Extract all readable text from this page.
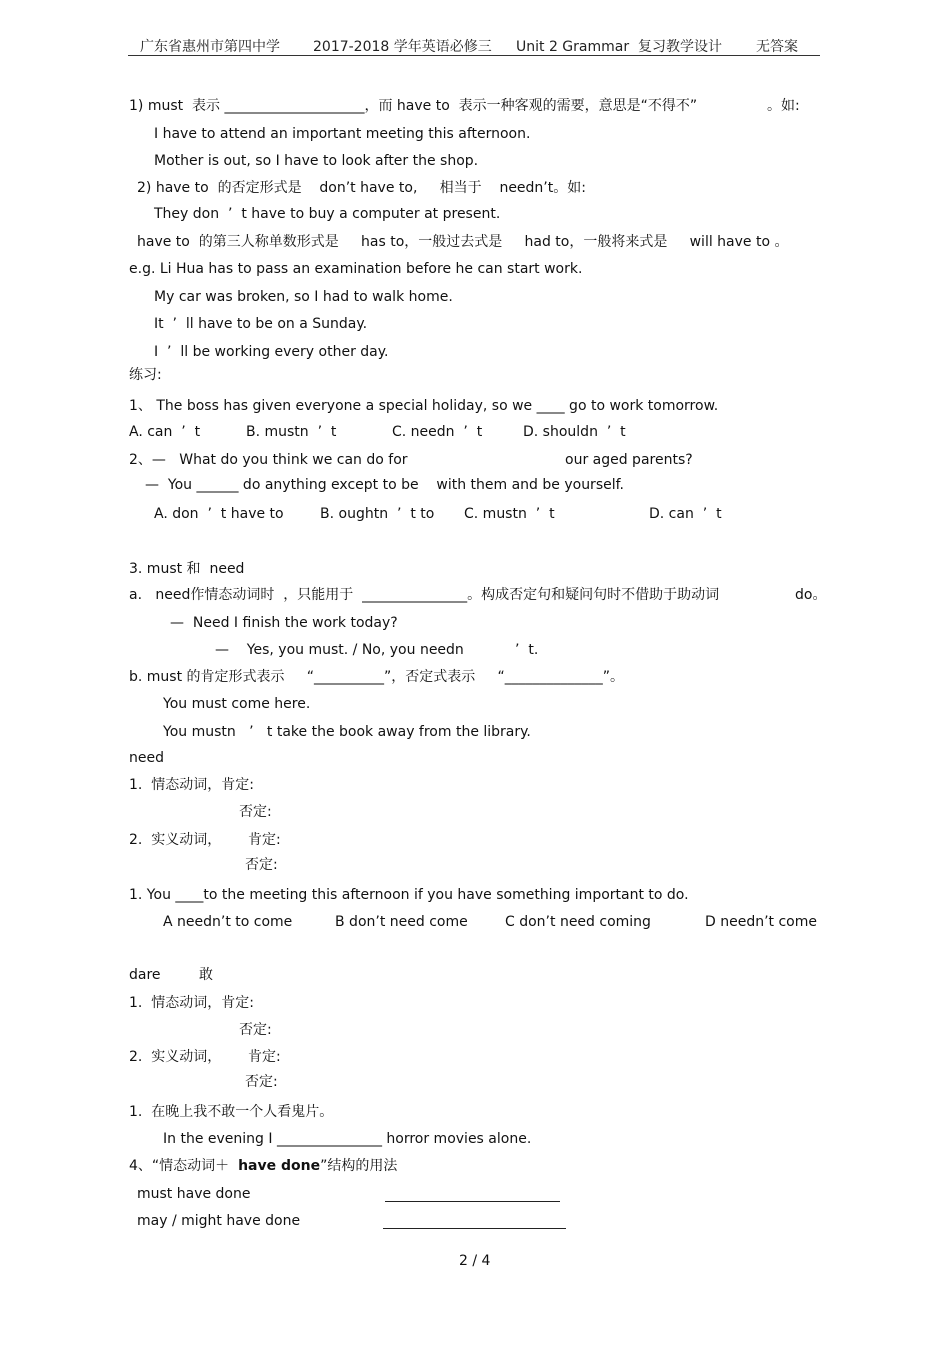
广东省惠州市第四中学 2017-2018 学年英语必修三 Unit 2 Grammar  复习教学设计 无答案
1) must  表示 ____________________，而 have to  表示一种客观的需要，意思是“不得不”	。如:
I have to attend an important meeting this afternoon.
Mother is out, so I have to look after the shop.
2) have to  的否定形式是    don’t have to,     相当于    needn’t。如:
They don  ’  t have to buy a computer at present.
have to  的第三人称单数形式是     has to，一般过去式是     had to，一般将来式是     will have to 。
e.g. Li Hua has to pass an examination before he can start work.
My car was broken, so I had to walk home.
It  ’  ll have to be on a Sunday.
I  ’  ll be working every other day.
练习:
1、 The boss has given everyone a special holiday, so we ____ go to work tomorrow.
A. can  ’  t	B. mustn  ’  t	C. needn  ’  t	D. shouldn  ’  t
2、—   What do you think we can do for	our aged parents?
—  You ______ do anything except to be    with them and be yourself.
A. don  ’  t have to	B. oughtn  ’  t to C. mustn  ’  t	D. can  ’  t
3. must 和  need
a.   need作情态动词时  ，只能用于  _______________。构成否定句和疑问句时不借助于助动词	do。
—  Need I finish the work today?
—    Yes, you must. / No, you needn	’  t.
b. must 的肯定形式表示     “__________”，否定式表示     “______________”。
You must come here.
You mustn   ’   t take the book away from the library.
need
1.  情态动词，肯定:
否定:
2.  实义动词，      肯定:
否定:
1. You ____to the meeting this afternoon if you have something important to do.
A needn’t to come	B don’t need come	C don’t need coming	D needn’t come
dare	敢
1.  情态动词，肯定:
否定:
2.  实义动词，      肯定:
否定:
1.  在晚上我不敢一个人看鬼片。
In the evening I _______________ horror movies alone.
4、“情态动词＋  have done”结构的用法
must have done
may / might have done
2 / 4
